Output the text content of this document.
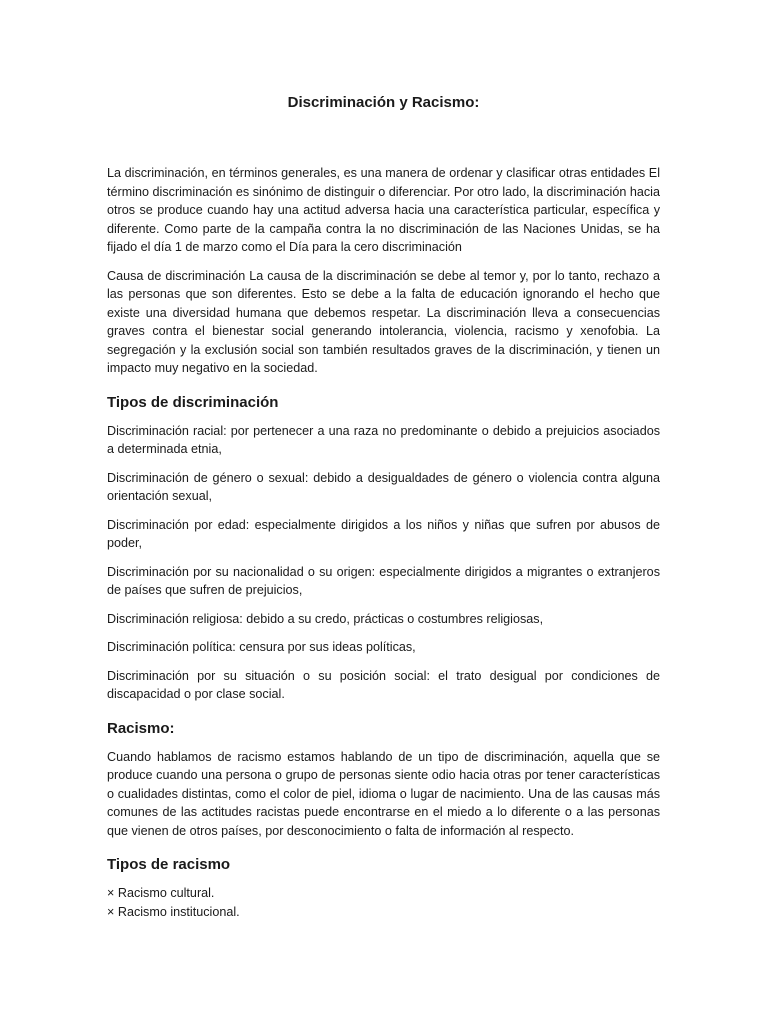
Discriminación y Racismo:

La discriminación, en términos generales, es una manera de ordenar y clasificar otras entidades El término discriminación es sinónimo de distinguir o diferenciar. Por otro lado, la discriminación hacia otros se produce cuando hay una actitud adversa hacia una característica particular, específica y diferente. Como parte de la campaña contra la no discriminación de las Naciones Unidas, se ha fijado el día 1 de marzo como el Día para la cero discriminación

Causa de discriminación La causa de la discriminación se debe al temor y, por lo tanto, rechazo a las personas que son diferentes. Esto se debe a la falta de educación ignorando el hecho que existe una diversidad humana que debemos respetar. La discriminación lleva a consecuencias graves contra el bienestar social generando intolerancia, violencia, racismo y xenofobia. La segregación y la exclusión social son también resultados graves de la discriminación, y tienen un impacto muy negativo en la sociedad.

Tipos de discriminación

Discriminación racial: por pertenecer a una raza no predominante o debido a prejuicios asociados a determinada etnia,

Discriminación de género o sexual: debido a desigualdades de género o violencia contra alguna orientación sexual,

Discriminación por edad: especialmente dirigidos a los niños y niñas que sufren por abusos de poder,

Discriminación por su nacionalidad o su origen: especialmente dirigidos a migrantes o extranjeros de países que sufren de prejuicios,

Discriminación religiosa: debido a su credo, prácticas o costumbres religiosas,

Discriminación política: censura por sus ideas políticas,

Discriminación por su situación o su posición social: el trato desigual por condiciones de discapacidad o por clase social.

Racismo:

Cuando hablamos de racismo estamos hablando de un tipo de discriminación, aquella que se produce cuando una persona o grupo de personas siente odio hacia otras por tener características o cualidades distintas, como el color de piel, idioma o lugar de nacimiento. Una de las causas más comunes de las actitudes racistas puede encontrarse en el miedo a lo diferente o a las personas que vienen de otros países, por desconocimiento o falta de información al respecto.

Tipos de racismo
× Racismo cultural.
× Racismo institucional.
